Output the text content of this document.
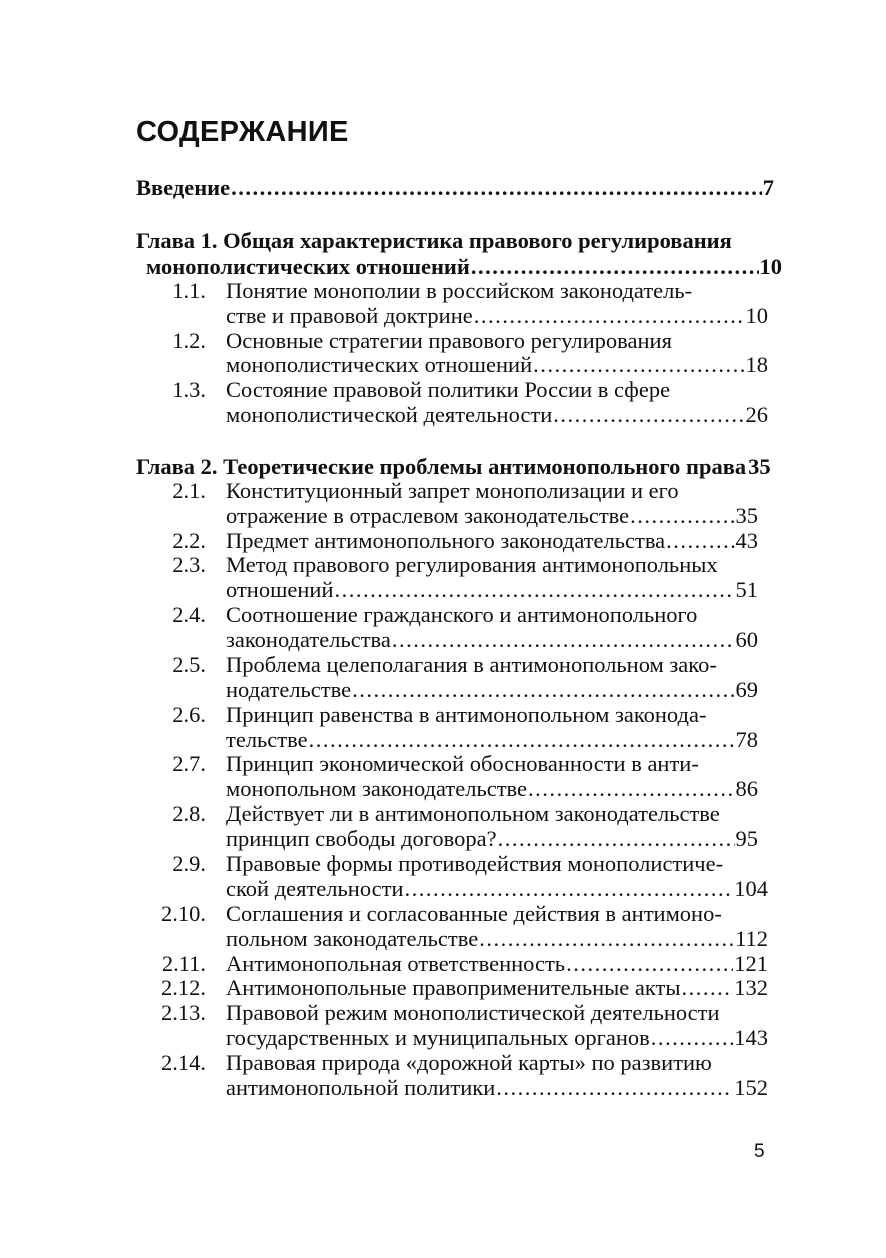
СОДЕРЖАНИЕ
Введение .....	7
Глава 1. Общая характеристика правового регулирования
монополистических отношений .....	10
1.1. Понятие монополии в российском законодатель-
стве и правовой доктрине .....	10
1.2. Основные стратегии правового регулирования
монополистических отношений .....	18
1.3. Состояние правовой политики России в сфере
монополистической деятельности .....	26
Глава 2. Теоретические проблемы антимонопольного права 35
2.1. Конституционный запрет монополизации и его
отражение в отраслевом законодательстве .....	35
2.2. Предмет антимонопольного законодательства .....	43
2.3. Метод правового регулирования антимонопольных
отношений .....	51
2.4. Соотношение гражданского и антимонопольного
законодательства .....	60
2.5. Проблема целеполагания в антимонопольном зако-
нодательстве .....	69
2.6. Принцип равенства в антимонопольном законода-
тельстве .....	78
2.7. Принцип экономической обоснованности в анти-
монопольном законодательстве .....	86
2.8. Действует ли в антимонопольном законодательстве
принцип свободы договора? .....	95
2.9. Правовые формы противодействия монополистиче-
ской деятельности .....	104
2.10. Соглашения и согласованные действия в антимоно-
польном законодательстве .....	112
2.11. Антимонопольная ответственность .....	121
2.12. Антимонопольные правоприменительные акты ..... 132
2.13. Правовой режим монополистической деятельности
государственных и муниципальных органов .....	143
2.14. Правовая природа «дорожной карты» по развитию
антимонопольной политики .....	152
5
